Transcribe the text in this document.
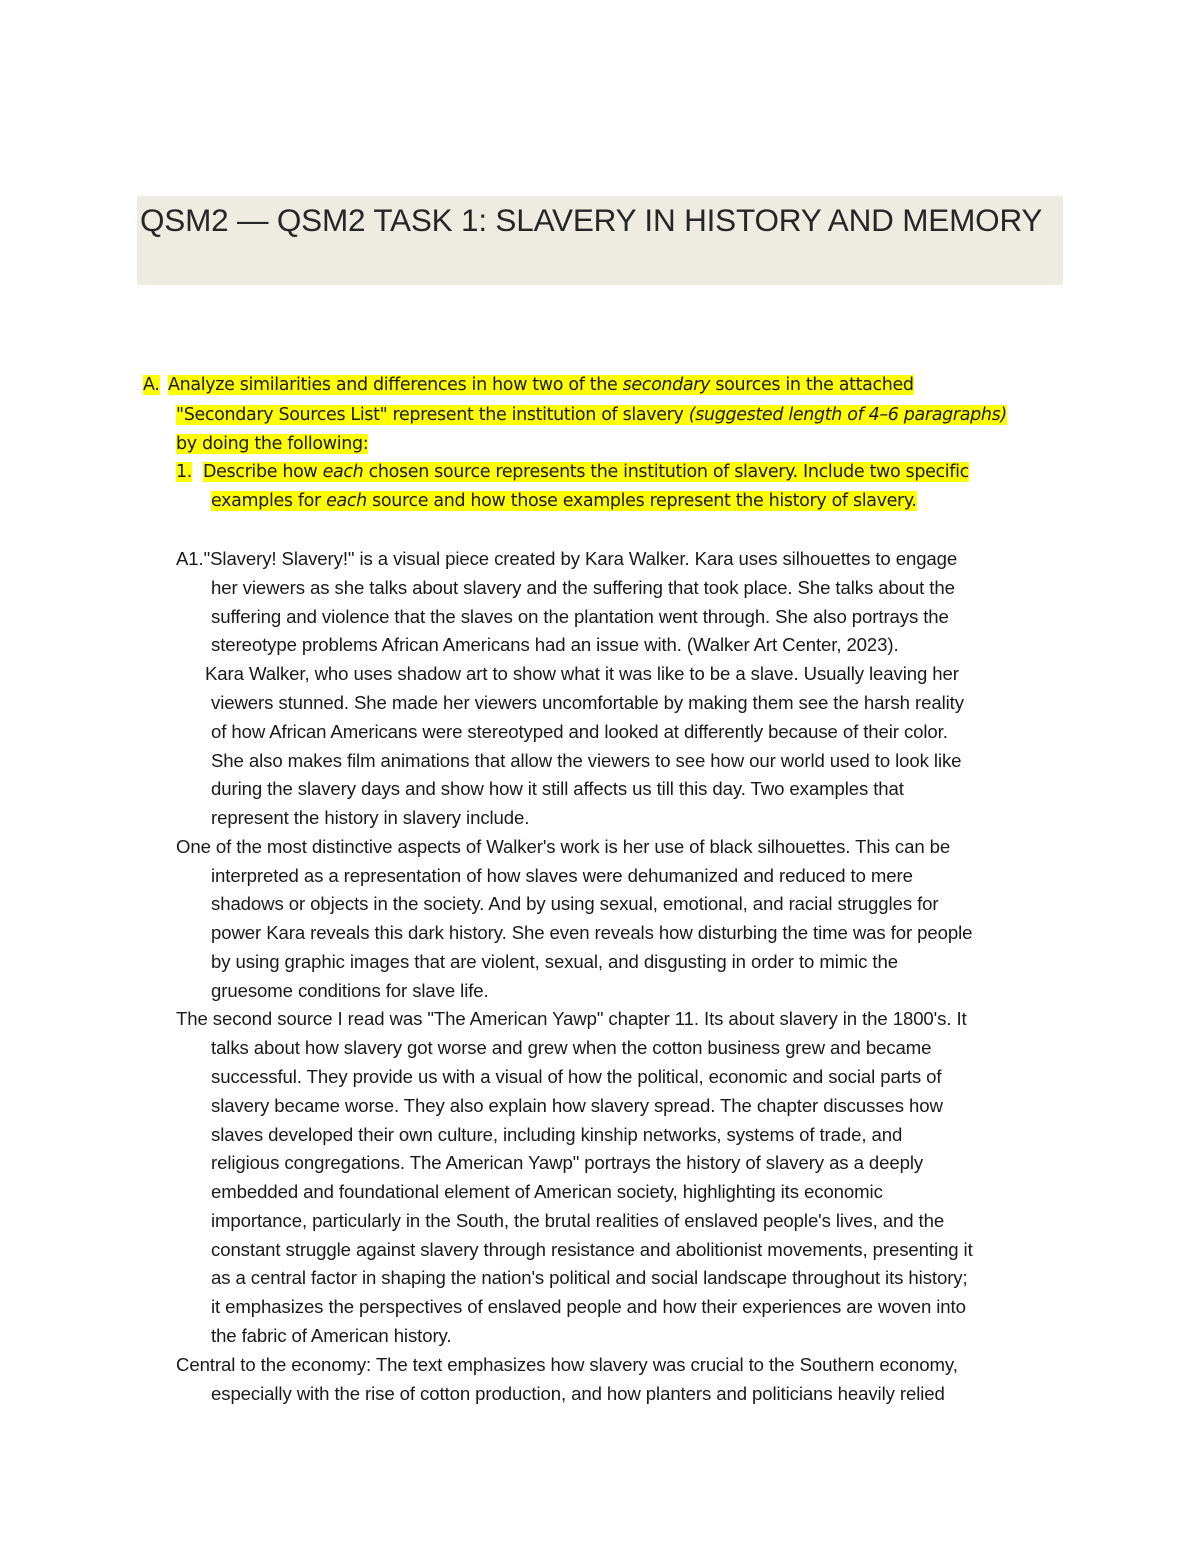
QSM2 — QSM2 TASK 1: SLAVERY IN HISTORY AND MEMORY
A. Analyze similarities and differences in how two of the secondary sources in the attached
"Secondary Sources List" represent the institution of slavery (suggested length of 4–6 paragraphs)
by doing the following:
1. Describe how each chosen source represents the institution of slavery. Include two specific
examples for each source and how those examples represent the history of slavery.
A1."Slavery! Slavery!" is a visual piece created by Kara Walker. Kara uses silhouettes to engage
her viewers as she talks about slavery and the suffering that took place. She talks about the
suffering and violence that the slaves on the plantation went through. She also portrays the
stereotype problems African Americans had an issue with. (Walker Art Center, 2023).
Kara Walker, who uses shadow art to show what it was like to be a slave. Usually leaving her
viewers stunned. She made her viewers uncomfortable by making them see the harsh reality
of how African Americans were stereotyped and looked at differently because of their color.
She also makes film animations that allow the viewers to see how our world used to look like
during the slavery days and show how it still affects us till this day. Two examples that
represent the history in slavery include.
One of the most distinctive aspects of Walker's work is her use of black silhouettes. This can be
interpreted as a representation of how slaves were dehumanized and reduced to mere
shadows or objects in the society. And by using sexual, emotional, and racial struggles for
power Kara reveals this dark history. She even reveals how disturbing the time was for people
by using graphic images that are violent, sexual, and disgusting in order to mimic the
gruesome conditions for slave life.
The second source I read was "The American Yawp" chapter 11. Its about slavery in the 1800's. It
talks about how slavery got worse and grew when the cotton business grew and became
successful. They provide us with a visual of how the political, economic and social parts of
slavery became worse. They also explain how slavery spread. The chapter discusses how
slaves developed their own culture, including kinship networks, systems of trade, and
religious congregations. The American Yawp" portrays the history of slavery as a deeply
embedded and foundational element of American society, highlighting its economic
importance, particularly in the South, the brutal realities of enslaved people's lives, and the
constant struggle against slavery through resistance and abolitionist movements, presenting it
as a central factor in shaping the nation's political and social landscape throughout its history;
it emphasizes the perspectives of enslaved people and how their experiences are woven into
the fabric of American history.
Central to the economy: The text emphasizes how slavery was crucial to the Southern economy,
especially with the rise of cotton production, and how planters and politicians heavily relied
